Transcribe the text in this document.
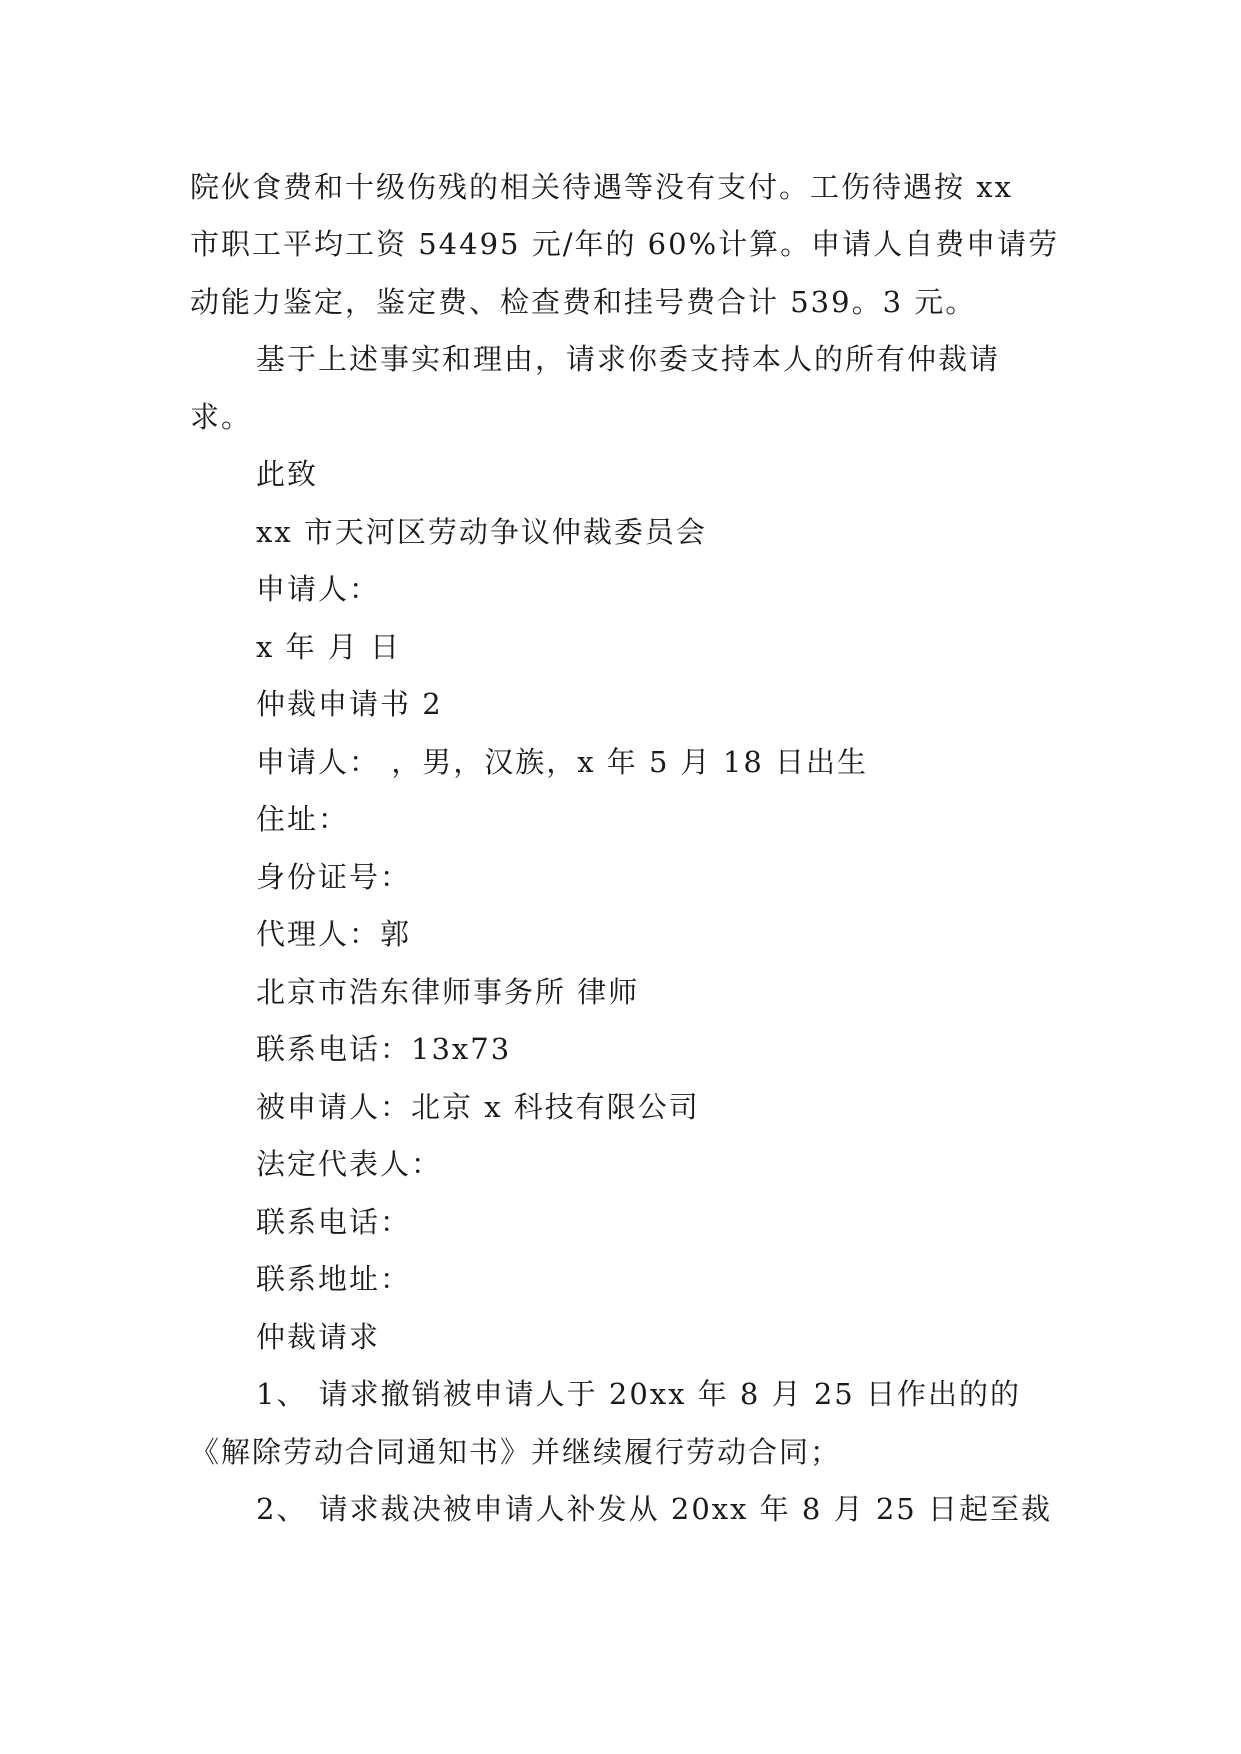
院伙食费和十级伤残的相关待遇等没有支付。工伤待遇按 xx
市职工平均工资 54495 元/年的 60%计算。申请人自费申请劳
动能力鉴定，鉴定费、检查费和挂号费合计 539。3 元。
基于上述事实和理由，请求你委支持本人的所有仲裁请
求。
此致
xx 市天河区劳动争议仲裁委员会
申请人：
x 年 月 日
仲裁申请书 2
申请人： ，男，汉族，x 年 5 月 18 日出生
住址：
身份证号：
代理人：郭
北京市浩东律师事务所 律师
联系电话：13x73
被申请人：北京 x 科技有限公司
法定代表人：
联系电话：
联系地址：
仲裁请求
1、 请求撤销被申请人于 20xx 年 8 月 25 日作出的的
《解除劳动合同通知书》并继续履行劳动合同；
2、 请求裁决被申请人补发从 20xx 年 8 月 25 日起至裁
